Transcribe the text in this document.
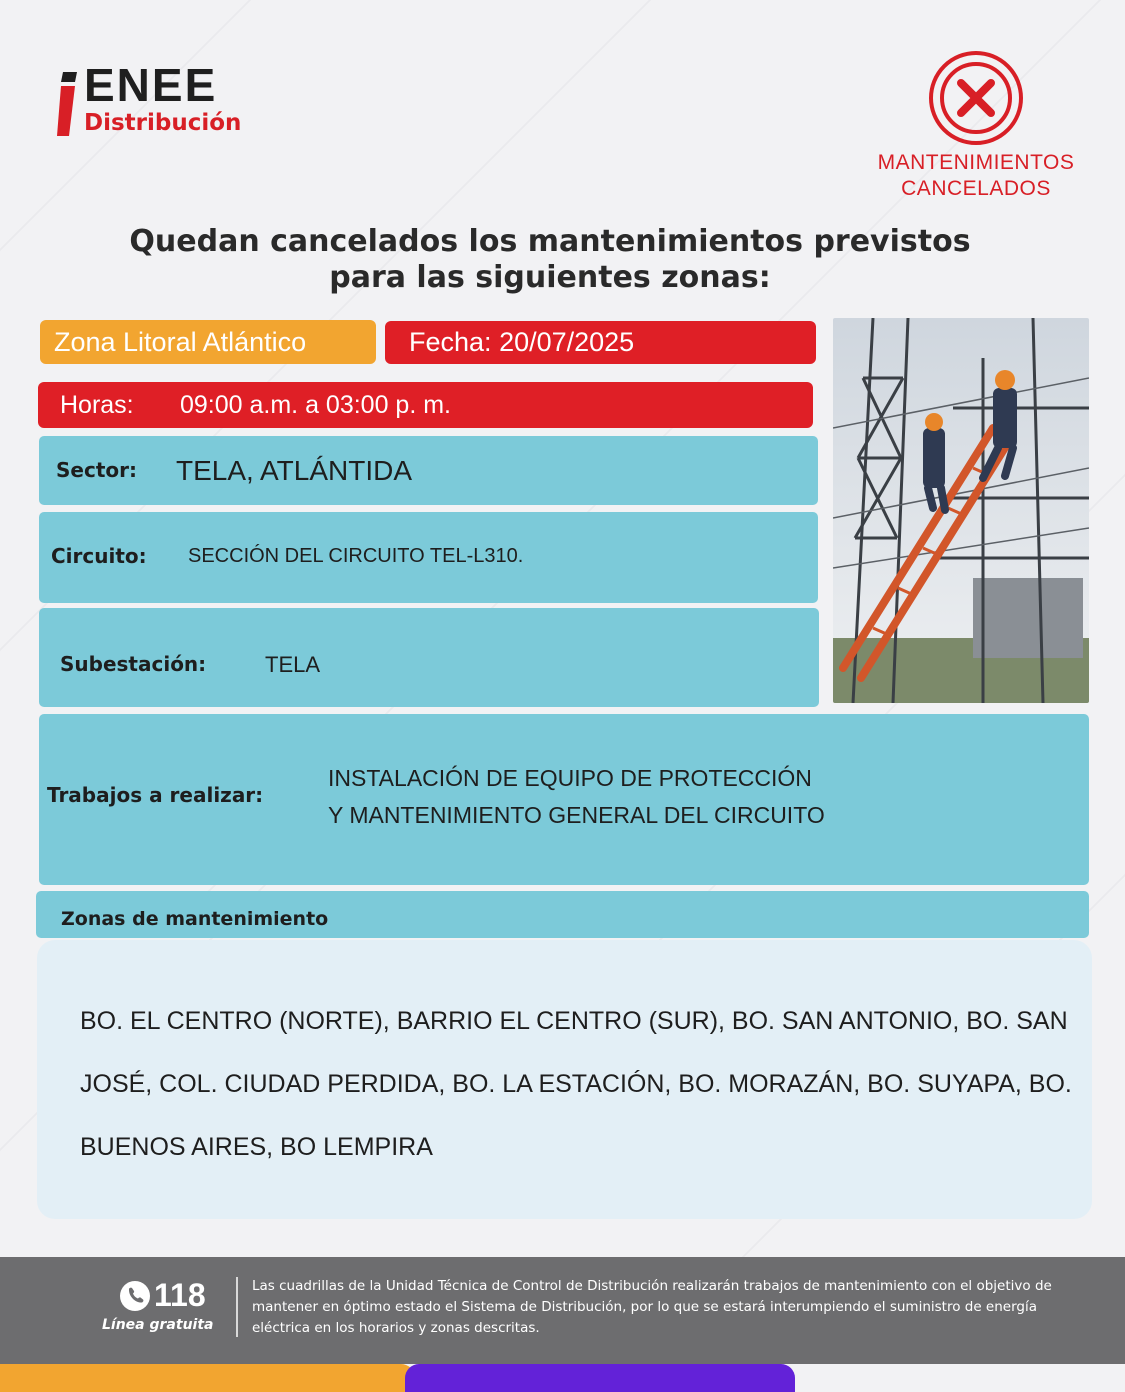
ENEE
Distribución
MANTENIMIENTOS
CANCELADOS
Quedan cancelados los mantenimientos previstos
para las siguientes zonas:
Zona Litoral Atlántico	Fecha: 20/07/2025
Horas: 09:00 a.m. a 03:00 p. m.
Sector: TELA, ATLÁNTIDA
Circuito: SECCIÓN DEL CIRCUITO TEL-L310.
Subestación:	TELA
Trabajos a realizar:
INSTALACIÓN DE EQUIPO DE PROTECCIÓN
Y MANTENIMIENTO GENERAL DEL CIRCUITO
Zonas de mantenimiento
BO. EL CENTRO (NORTE), BARRIO EL CENTRO (SUR), BO. SAN ANTONIO, BO. SAN JOSÉ, COL. CIUDAD PERDIDA, BO. LA ESTACIÓN, BO. MORAZÁN, BO. SUYAPA, BO. BUENOS AIRES, BO LEMPIRA
118
Línea gratuita
Las cuadrillas de la Unidad Técnica de Control de Distribución realizarán trabajos de mantenimiento con el objetivo de mantener en óptimo estado el Sistema de Distribución, por lo que se estará interumpiendo el suministro de energía eléctrica en los horarios y zonas descritas.
